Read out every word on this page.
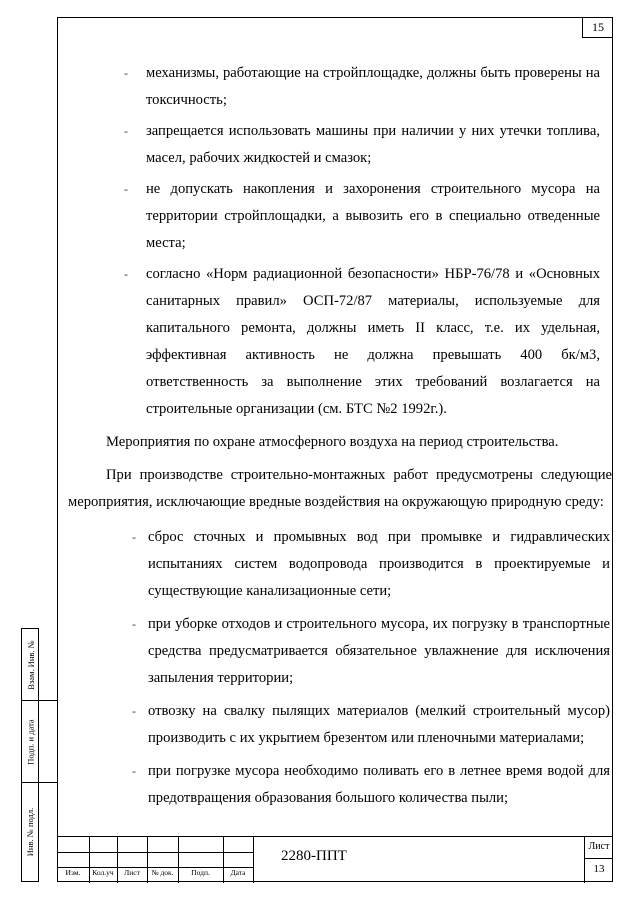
15

- механизмы, работающие на стройплощадке, должны быть проверены на токсичность;

- запрещается использовать машины при наличии у них утечки топлива, масел, рабочих жидкостей и смазок;

- не допускать накопления и захоронения строительного мусора на территории стройплощадки, а вывозить его в специально отведенные места;

- согласно «Норм радиационной безопасности» НБР-76/78 и «Основных санитарных правил» ОСП-72/87 материалы, используемые для капитального ремонта, должны иметь II класс, т.е. их удельная, эффективная активность не должна превышать 400 бк/м3, ответственность за выполнение этих требований возлагается на строительные организации (см. БТС №2 1992г.).

Мероприятия по охране атмосферного воздуха на период строительства.

При производстве строительно-монтажных работ предусмотрены следующие мероприятия, исключающие вредные воздействия на окружающую природную среду:

- сброс сточных и промывных вод при промывке и гидравлических испытаниях систем водопровода производится в проектируемые и существующие канализационные сети;

- при уборке отходов и строительного мусора, их погрузку в транспортные средства предусматривается обязательное увлажнение для исключения запыления территории;

- отвозку на свалку пылящих материалов (мелкий строительный мусор) производить с их укрытием брезентом или пленочными материалами;

- при погрузке мусора необходимо поливать его в летнее время водой для предотвращения образования большого количества пыли;

Взам. Инв. №
Подп. и дата
Инв. № подл.
Изм.	Кол.уч	Лист	№ док.	Подп.	Дата
2280-ППТ
Лист
13
